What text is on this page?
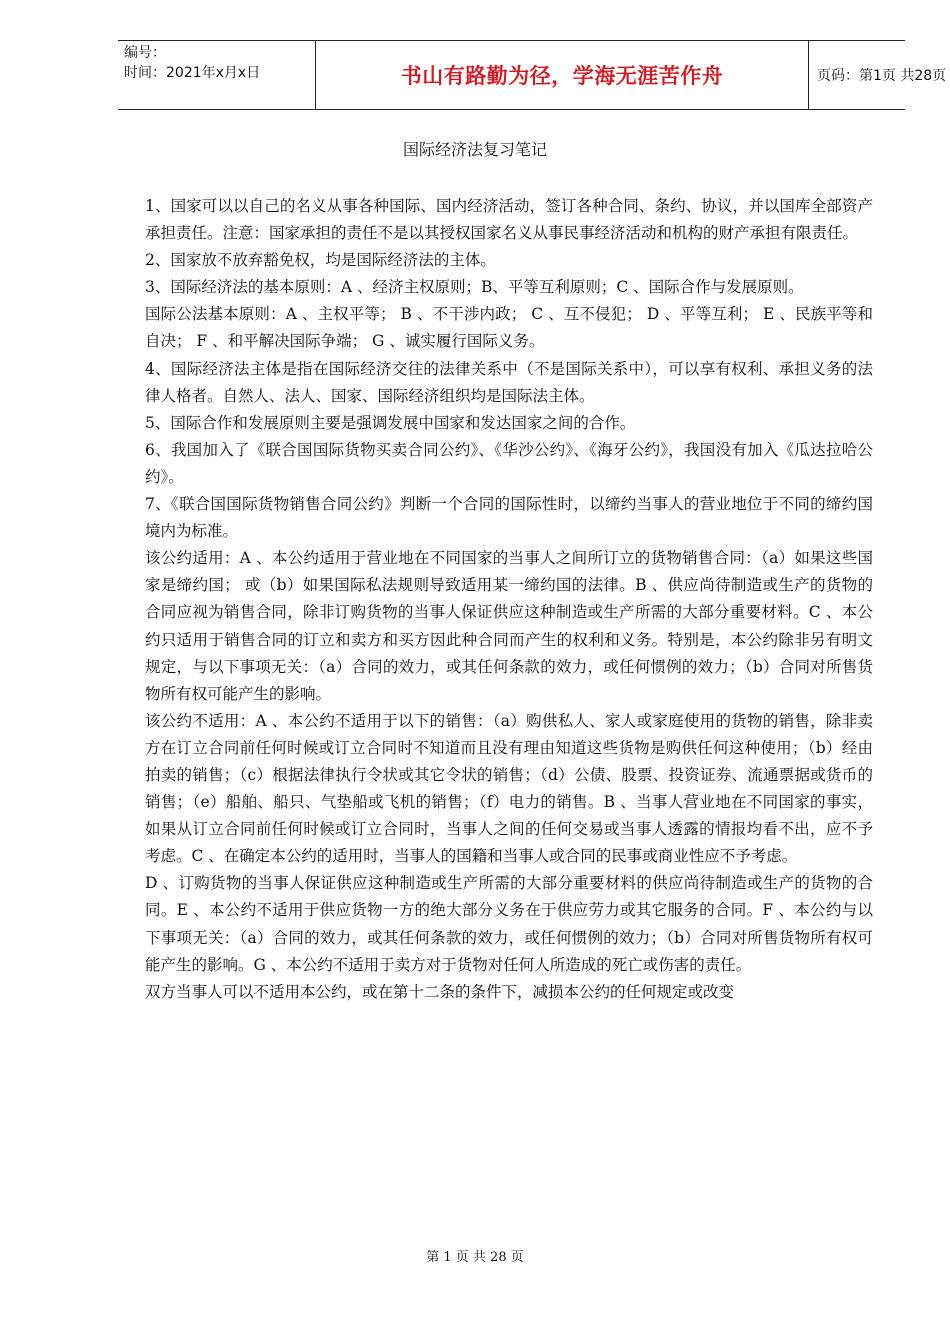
编号：
时间：2021年x月x日	书山有路勤为径，学海无涯苦作舟	页码：第1页 共28页
国际经济法复习笔记

1、国家可以以自己的名义从事各种国际、国内经济活动，签订各种合同、条约、协议，并以国库全部资产承担责任。注意：国家承担的责任不是以其授权国家名义从事民事经济活动和机构的财产承担有限责任。

2、国家放不放弃豁免权，均是国际经济法的主体。

3、国际经济法的基本原则：A 、经济主权原则；B、平等互利原则；C 、国际合作与发展原则。

国际公法基本原则：A 、主权平等； B 、不干涉内政； C 、互不侵犯； D 、平等互利； E 、民族平等和自决； F 、和平解决国际争端； G 、诚实履行国际义务。

4、国际经济法主体是指在国际经济交往的法律关系中（不是国际关系中），可以享有权利、承担义务的法律人格者。自然人、法人、国家、国际经济组织均是国际法主体。

5、国际合作和发展原则主要是强调发展中国家和发达国家之间的合作。

6、我国加入了《联合国国际货物买卖合同公约》、《华沙公约》、《海牙公约》，我国没有加入《瓜达拉哈公约》。

7、《联合国国际货物销售合同公约》判断一个合同的国际性时，以缔约当事人的营业地位于不同的缔约国境内为标准。

该公约适用：A 、本公约适用于营业地在不同国家的当事人之间所订立的货物销售合同：（a）如果这些国家是缔约国； 或（b）如果国际私法规则导致适用某一缔约国的法律。B 、供应尚待制造或生产的货物的合同应视为销售合同，除非订购货物的当事人保证供应这种制造或生产所需的大部分重要材料。C 、本公约只适用于销售合同的订立和卖方和买方因此种合同而产生的权利和义务。特别是，本公约除非另有明文规定，与以下事项无关：（a）合同的效力，或其任何条款的效力，或任何惯例的效力；（b）合同对所售货物所有权可能产生的影响。

该公约不适用：A 、本公约不适用于以下的销售：（a）购供私人、家人或家庭使用的货物的销售，除非卖方在订立合同前任何时候或订立合同时不知道而且没有理由知道这些货物是购供任何这种使用；（b）经由拍卖的销售；（c）根据法律执行令状或其它令状的销售；（d）公债、股票、投资证券、流通票据或货币的销售；（e）船舶、船只、气垫船或飞机的销售；（f）电力的销售。B 、当事人营业地在不同国家的事实，如果从订立合同前任何时候或订立合同时，当事人之间的任何交易或当事人透露的情报均看不出，应不予考虑。C 、在确定本公约的适用时，当事人的国籍和当事人或合同的民事或商业性应不予考虑。

D 、订购货物的当事人保证供应这种制造或生产所需的大部分重要材料的供应尚待制造或生产的货物的合同。E 、本公约不适用于供应货物一方的绝大部分义务在于供应劳力或其它服务的合同。F 、本公约与以下事项无关：（a）合同的效力，或其任何条款的效力，或任何惯例的效力；（b）合同对所售货物所有权可能产生的影响。G 、本公约不适用于卖方对于货物对任何人所造成的死亡或伤害的责任。

双方当事人可以不适用本公约，或在第十二条的条件下，减损本公约的任何规定或改变

第 1 页 共 28 页
